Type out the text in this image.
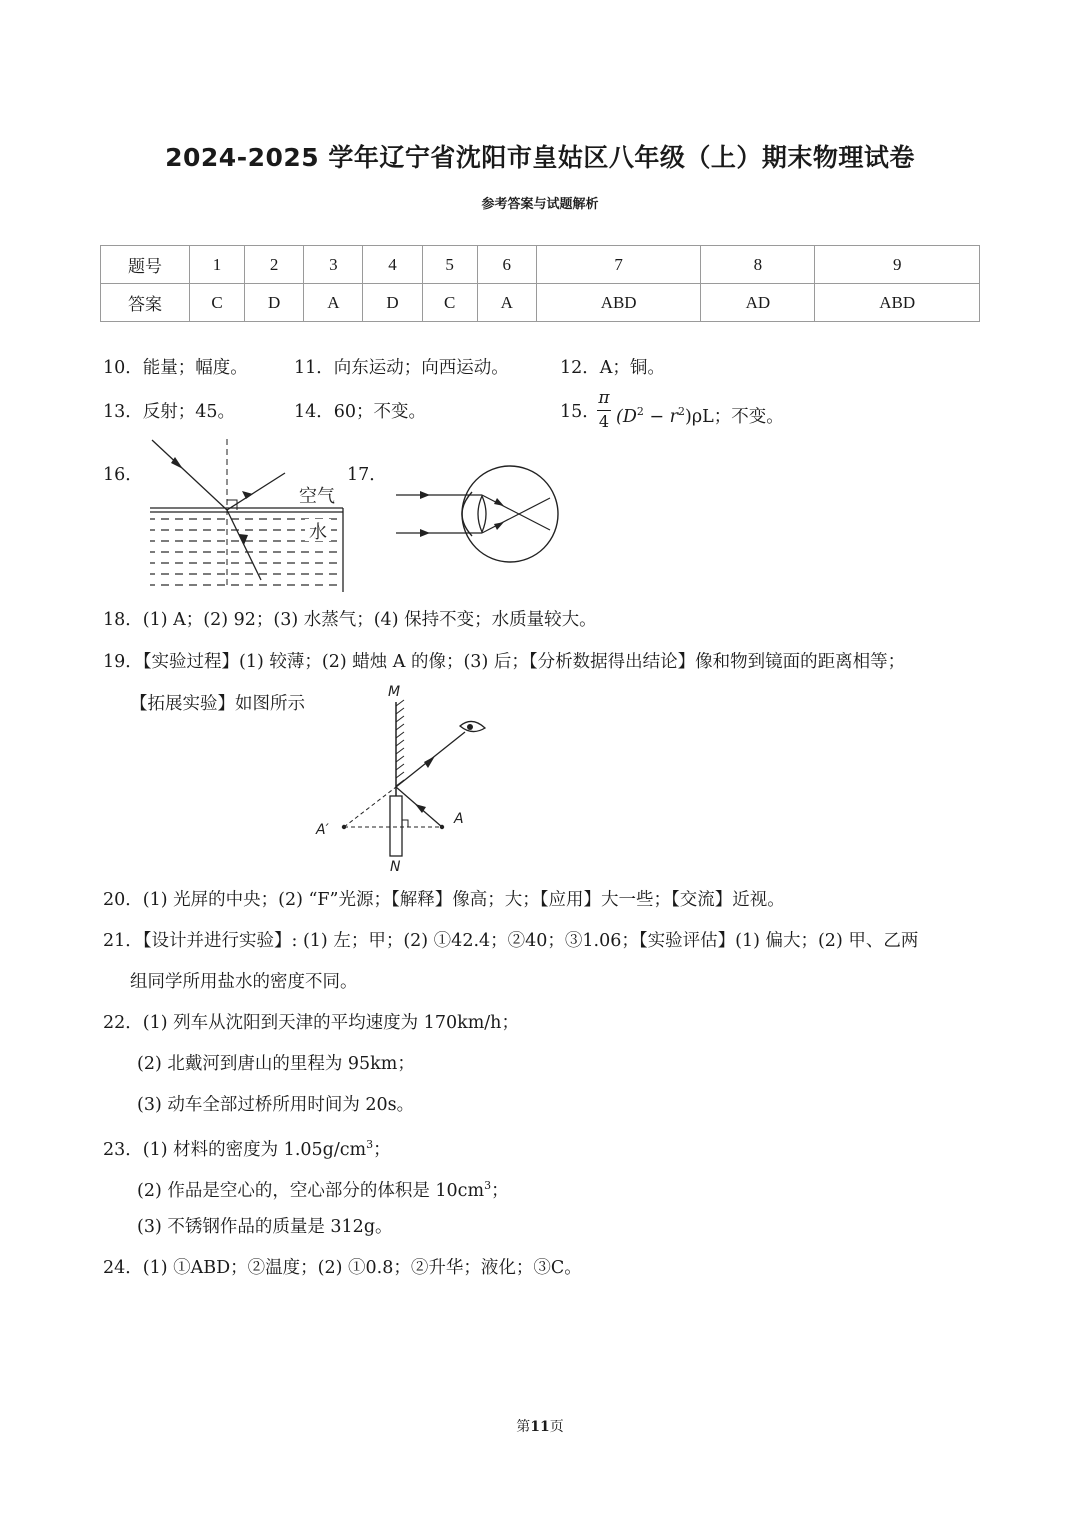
2024-2025 学年辽宁省沈阳市皇姑区八年级（上）期末物理试卷
参考答案与试题解析
题号	1	2	3	4	5	6	7	8	9
答案	C	D	A	D	C	A	ABD	AD	ABD
10．能量；幅度。	11．向东运动；向西运动。	12．A；铜。
13．反射；45。	14．60；不变。	15．
π
4 $(D^2 - r^2)\rho L$；不变。
16．	17．
空气
水
18．(1) A；(2) 92；(3) 水蒸气；(4) 保持不变；水质量较大。
19．【实验过程】(1) 较薄；(2) 蜡烛 A 的像；(3) 后；【分析数据得出结论】像和物到镜面的距离相等；
【拓展实验】如图所示
M
A′
A
N
20．(1) 光屏的中央；(2) “F”光源；【解释】像高；大；【应用】大一些；【交流】近视。
21．【设计并进行实验】: (1) 左；甲；(2) ①42.4；②40；③1.06；【实验评估】(1) 偏大；(2) 甲、乙两
组同学所用盐水的密度不同。
22．(1) 列车从沈阳到天津的平均速度为 170km/h；
(2) 北戴河到唐山的里程为 95km；
(3) 动车全部过桥所用时间为 20s。
23．(1) 材料的密度为 $1.05g/cm^3$；
(2) 作品是空心的，空心部分的体积是 $10cm^3$；
(3) 不锈钢作品的质量是 312g。
24．(1) ①ABD；②温度；(2) ①0.8；②升华；液化；③C。
第11页
